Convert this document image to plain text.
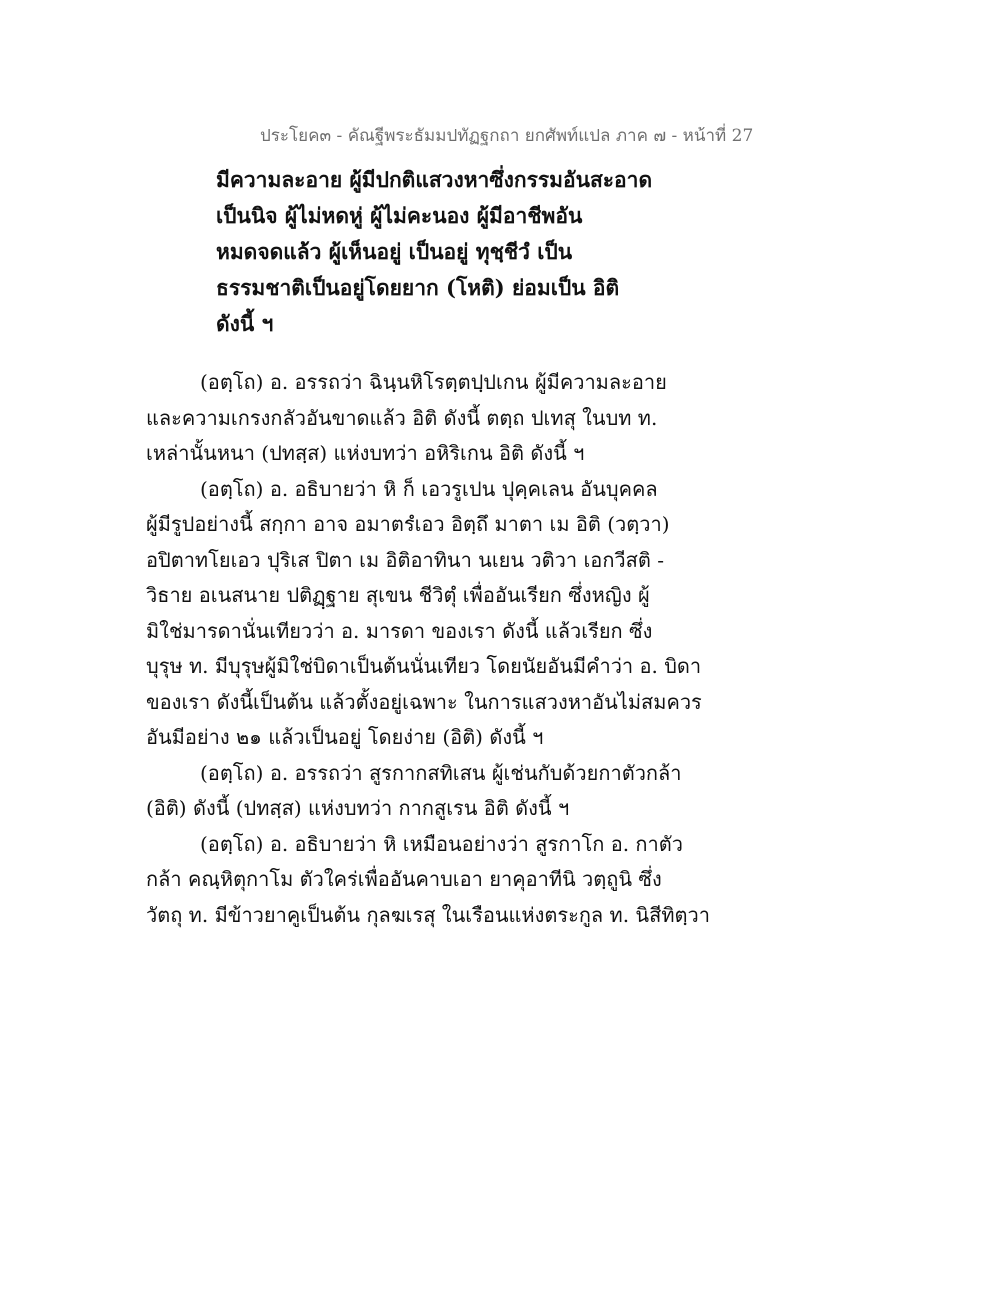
ประโยค๓ - คัณฐีพระธัมมปทัฏฐกถา ยกศัพท์แปล ภาค ๗ - หน้าที่ 27
มีความละอาย ผู้มีปกติแสวงหาซึ่งกรรมอันสะอาด
เป็นนิจ ผู้ไม่หดหู่ ผู้ไม่คะนอง ผู้มีอาชีพอัน
หมดจดแล้ว ผู้เห็นอยู่ เป็นอยู่ ทุชฺชีวํ เป็น
ธรรมชาติเป็นอยู่โดยยาก (โหติ) ย่อมเป็น อิติ
ดังนี้ ฯ
(อตฺโถ) อ. อรรถว่า ฉินฺนหิโรตฺตปฺปเกน ผู้มีความละอาย
และความเกรงกลัวอันขาดแล้ว อิติ ดังนี้ ตตฺถ ปเทสุ ในบท ท.
เหล่านั้นหนา (ปทสฺส) แห่งบทว่า อหิริเกน อิติ ดังนี้ ฯ
(อตฺโถ) อ. อธิบายว่า หิ ก็ เอวรูเปน ปุคฺคเลน อันบุคคล
ผู้มีรูปอย่างนี้ สกฺกา อาจ อมาตรํเอว อิตฺถึ มาตา เม อิติ (วตฺวา)
อปิตาทโยเอว ปุริเส ปิตา เม อิติอาทินา นเยน วติวา เอกวีสติ -
วิธาย อเนสนาย ปติฏฺฐาย สุเขน ชีวิตุํ เพื่ออันเรียก ซึ่งหญิง ผู้
มิใช่มารดานั่นเทียวว่า อ. มารดา ของเรา ดังนี้ แล้วเรียก ซึ่ง
บุรุษ ท. มีบุรุษผู้มิใช่บิดาเป็นต้นนั่นเทียว โดยนัยอันมีคำว่า อ. บิดา
ของเรา ดังนี้เป็นต้น แล้วตั้งอยู่เฉพาะ ในการแสวงหาอันไม่สมควร
อันมีอย่าง ๒๑ แล้วเป็นอยู่ โดยง่าย (อิติ) ดังนี้ ฯ
(อตฺโถ) อ. อรรถว่า สูรกากสทิเสน ผู้เช่นกับด้วยกาตัวกล้า
(อิติ) ดังนี้ (ปทสฺส) แห่งบทว่า กากสูเรน อิติ ดังนี้ ฯ
(อตฺโถ) อ. อธิบายว่า หิ เหมือนอย่างว่า สูรกาโก อ. กาตัว
กล้า คณฺหิตุกาโม ตัวใคร่เพื่ออันคาบเอา ยาคุอาทีนิ วตฺถูนิ ซึ่ง
วัตถุ ท. มีข้าวยาคูเป็นต้น กุลฆเรสุ ในเรือนแห่งตระกูล ท. นิสีทิตฺวา
